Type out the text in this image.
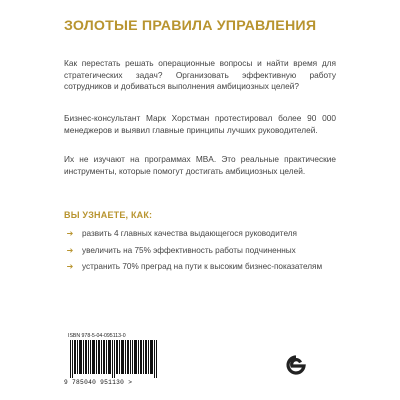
ЗОЛОТЫЕ ПРАВИЛА УПРАВЛЕНИЯ

Как перестать решать операционные вопросы и найти время для стратегических задач? Организовать эффективную работу сотрудников и добиваться выполнения амбициозных целей?

Бизнес-консультант Марк Хорстман протестировал более 90 000 менеджеров и выявил главные принципы лучших руководителей.

Их не изучают на программах MBA. Это реальные практические инструменты, которые помогут достигать амбициозных целей.

ВЫ УЗНАЕТЕ, КАК:
➔ развить 4 главных качества выдающегося руководителя
➔ увеличить на 75% эффективность работы подчиненных
➔ устранить 70% преград на пути к высоким бизнес-показателям
ISBN 978-5-04-095113-0
9 785040 951130 >
